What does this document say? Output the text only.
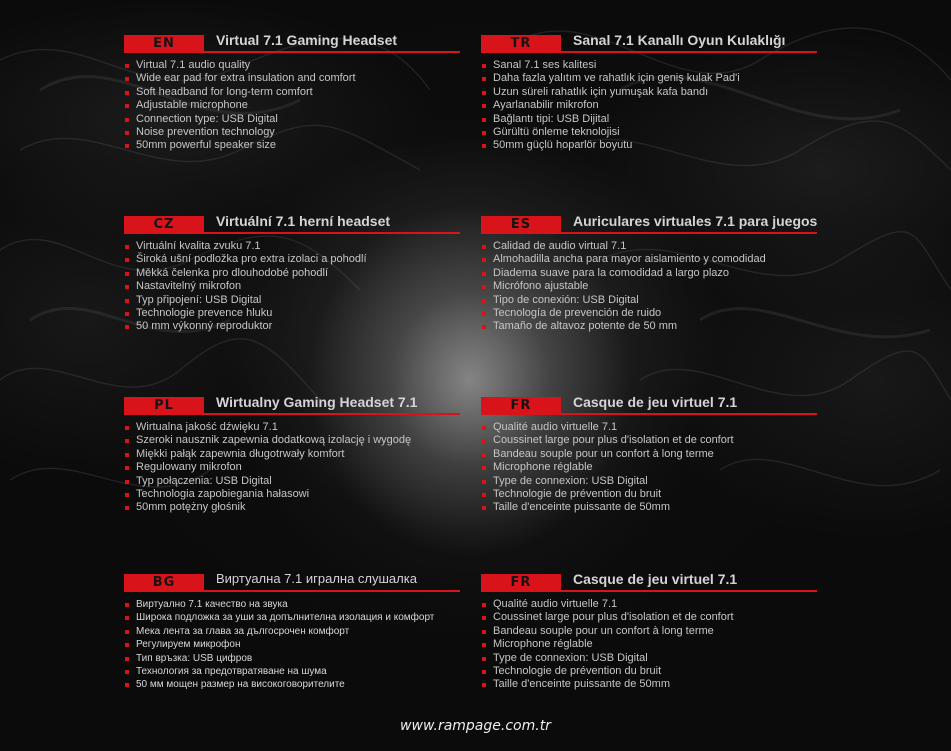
EN	Virtual 7.1 Gaming Headset
Virtual 7.1 audio quality
Wide ear pad for extra insulation and comfort
Soft headband for long-term comfort
Adjustable microphone
Connection type: USB Digital
Noise prevention technology
50mm powerful speaker size
TR	Sanal 7.1 Kanallı Oyun Kulaklığı
Sanal 7.1 ses kalitesi
Daha fazla yalıtım ve rahatlık için geniş kulak Pad'i
Uzun süreli rahatlık için yumuşak kafa bandı
Ayarlanabilir mikrofon
Bağlantı tipi: USB Dijital
Gürültü önleme teknolojisi
50mm güçlü hoparlör boyutu
CZ	Virtuální 7.1 herní headset
Virtuální kvalita zvuku 7.1
Široká ušní podložka pro extra izolaci a pohodlí
Měkká čelenka pro dlouhodobé pohodlí
Nastavitelný mikrofon
Typ připojení: USB Digital
Technologie prevence hluku
50 mm výkonný reproduktor
ES	Auriculares virtuales 7.1 para juegos
Calidad de audio virtual 7.1
Almohadilla ancha para mayor aislamiento y comodidad
Diadema suave para la comodidad a largo plazo
Micrófono ajustable
Tipo de conexión: USB Digital
Tecnología de prevención de ruido
Tamaño de altavoz potente de 50 mm
PL	Wirtualny Gaming Headset 7.1
Wirtualna jakość dźwięku 7.1
Szeroki nausznik zapewnia dodatkową izolację i wygodę
Miękki pałąk zapewnia długotrwały komfort
Regulowany mikrofon
Typ połączenia: USB Digital
Technologia zapobiegania hałasowi
50mm potężny głośnik
FR	Casque de jeu virtuel 7.1
Qualité audio virtuelle 7.1
Coussinet large pour plus d'isolation et de confort
Bandeau souple pour un confort à long terme
Microphone réglable
Type de connexion: USB Digital
Technologie de prévention du bruit
Taille d'enceinte puissante de 50mm
BG	Виртуална 7.1 игрална слушалка
Виртуално 7.1 качество на звука
Широка подложка за уши за допълнителна изолация и комфорт
Мека лента за глава за дългосрочен комфорт
Регулируем микрофон
Тип връзка: USB цифров
Технология за предотвратяване на шума
50 мм мощен размер на високоговорителите
FR	Casque de jeu virtuel 7.1
Qualité audio virtuelle 7.1
Coussinet large pour plus d'isolation et de confort
Bandeau souple pour un confort à long terme
Microphone réglable
Type de connexion: USB Digital
Technologie de prévention du bruit
Taille d'enceinte puissante de 50mm
www.rampage.com.tr
